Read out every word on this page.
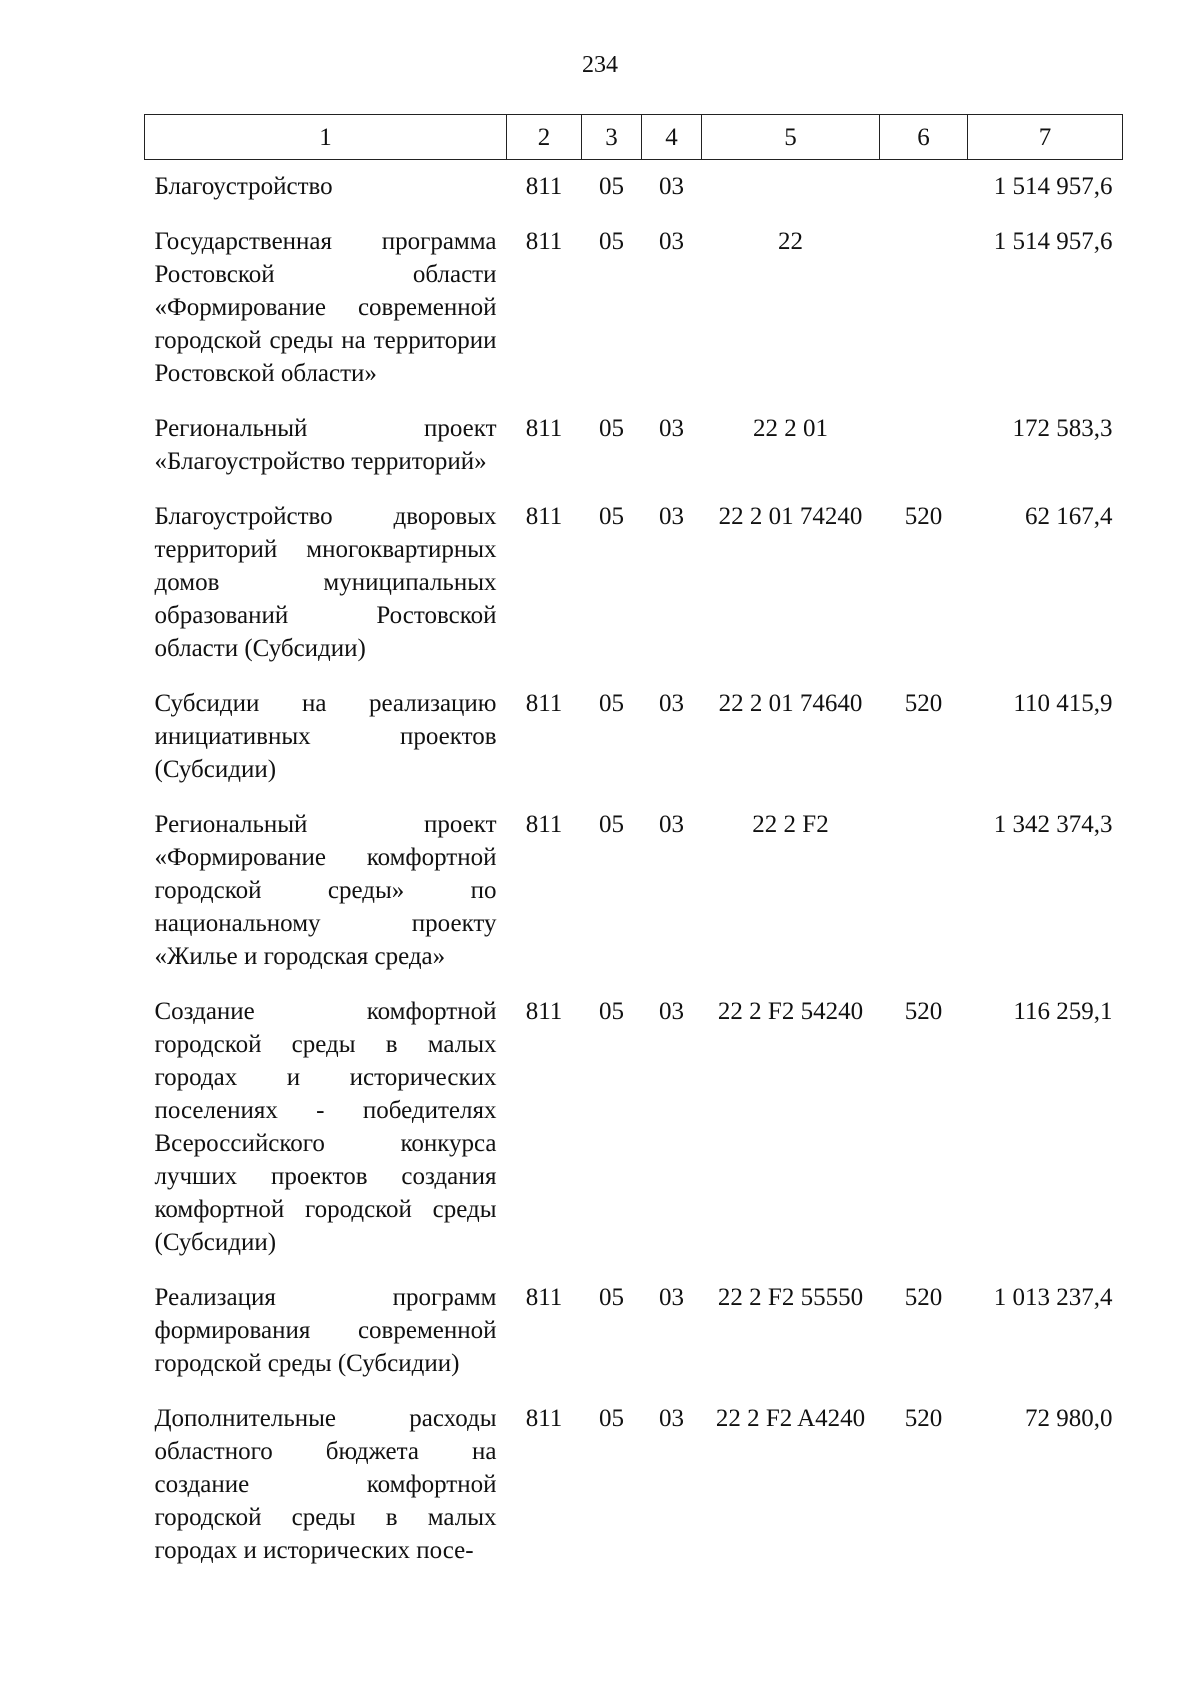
234
1	2	3	4	5	6	7
Благоустройство	811	05	03			1 514 957,6
Государственная программа Ростовской области «Формирование современной городской среды на территории Ростовской области»	811	05	03	22		1 514 957,6
Региональный проект «Благоустройство территорий»	811	05	03	22 2 01		172 583,3
Благоустройство дворовых территорий многоквартирных домов муниципальных образований Ростовской области (Субсидии)	811	05	03	22 2 01 74240	520	62 167,4
Субсидии на реализацию инициативных проектов (Субсидии)	811	05	03	22 2 01 74640	520	110 415,9
Региональный проект «Формирование комфортной городской среды» по национальному проекту «Жилье и городская среда»	811	05	03	22 2 F2		1 342 374,3
Создание комфортной городской среды в малых городах и исторических поселениях - победителях Всероссийского конкурса лучших проектов создания комфортной городской среды (Субсидии)	811	05	03	22 2 F2 54240	520	116 259,1
Реализация программ формирования современной городской среды (Субсидии)	811	05	03	22 2 F2 55550	520	1 013 237,4
Дополнительные расходы областного бюджета на создание комфортной городской среды в малых городах и исторических посе-	811	05	03	22 2 F2 A4240	520	72 980,0
